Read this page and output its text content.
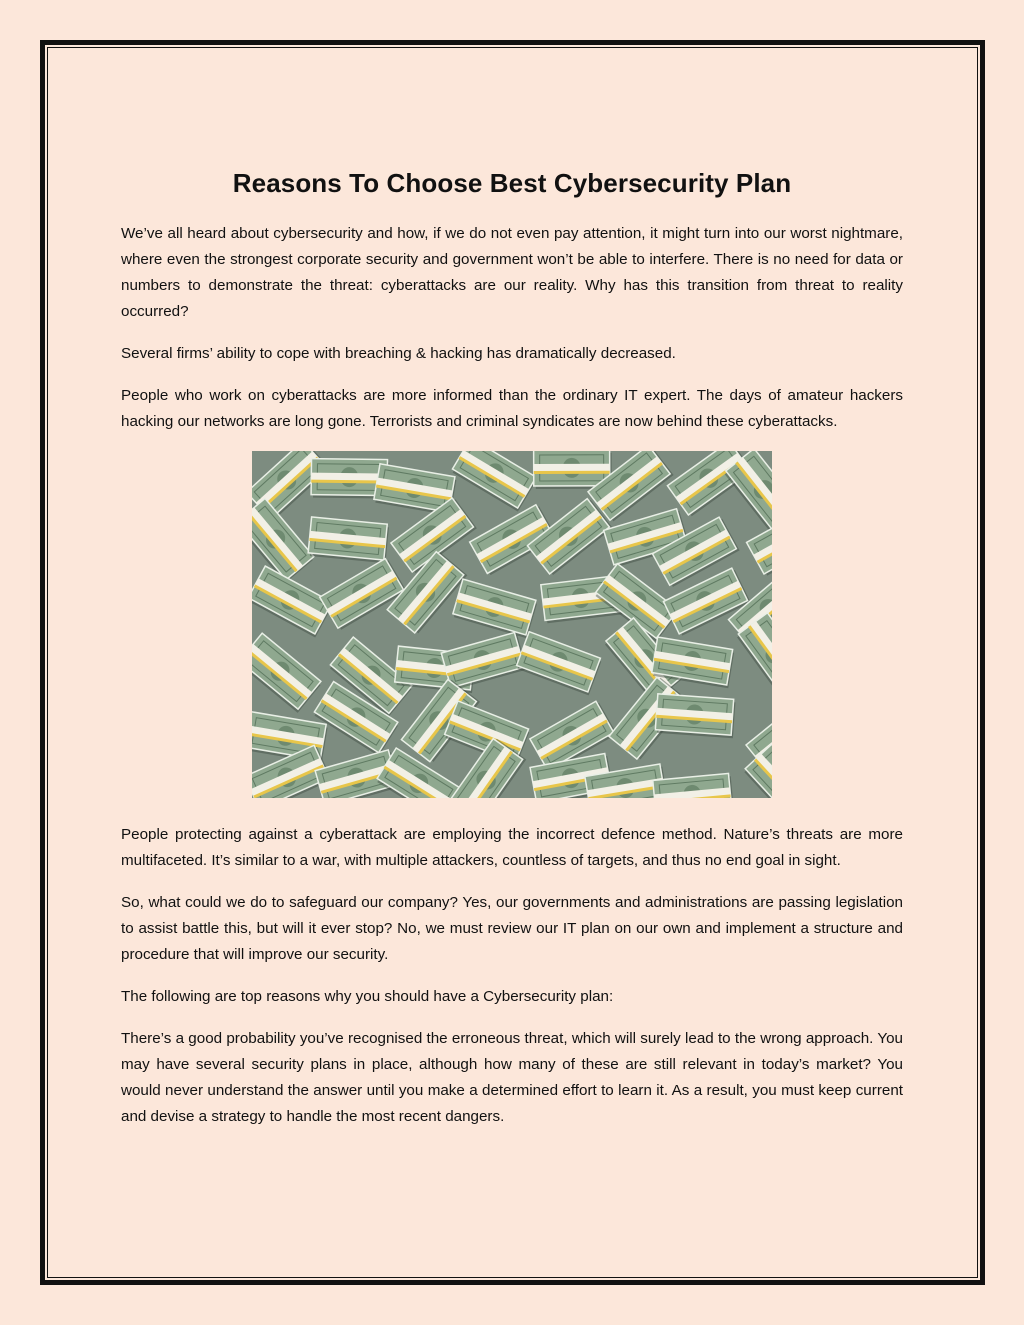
Reasons To Choose Best Cybersecurity Plan

We’ve all heard about cybersecurity and how, if we do not even pay attention, it might turn into our worst nightmare, where even the strongest corporate security and government won’t be able to interfere. There is no need for data or numbers to demonstrate the threat: cyberattacks are our reality. Why has this transition from threat to reality occurred?

Several firms’ ability to cope with breaching & hacking has dramatically decreased.

People who work on cyberattacks are more informed than the ordinary IT expert. The days of amateur hackers hacking our networks are long gone. Terrorists and criminal syndicates are now behind these cyberattacks.

People protecting against a cyberattack are employing the incorrect defence method. Nature’s threats are more multifaceted. It’s similar to a war, with multiple attackers, countless of targets, and thus no end goal in sight.

So, what could we do to safeguard our company? Yes, our governments and administrations are passing legislation to assist battle this, but will it ever stop? No, we must review our IT plan on our own and implement a structure and procedure that will improve our security.

The following are top reasons why you should have a Cybersecurity plan:

There’s a good probability you’ve recognised the erroneous threat, which will surely lead to the wrong approach. You may have several security plans in place, although how many of these are still relevant in today’s market? You would never understand the answer until you make a determined effort to learn it. As a result, you must keep current and devise a strategy to handle the most recent dangers.
